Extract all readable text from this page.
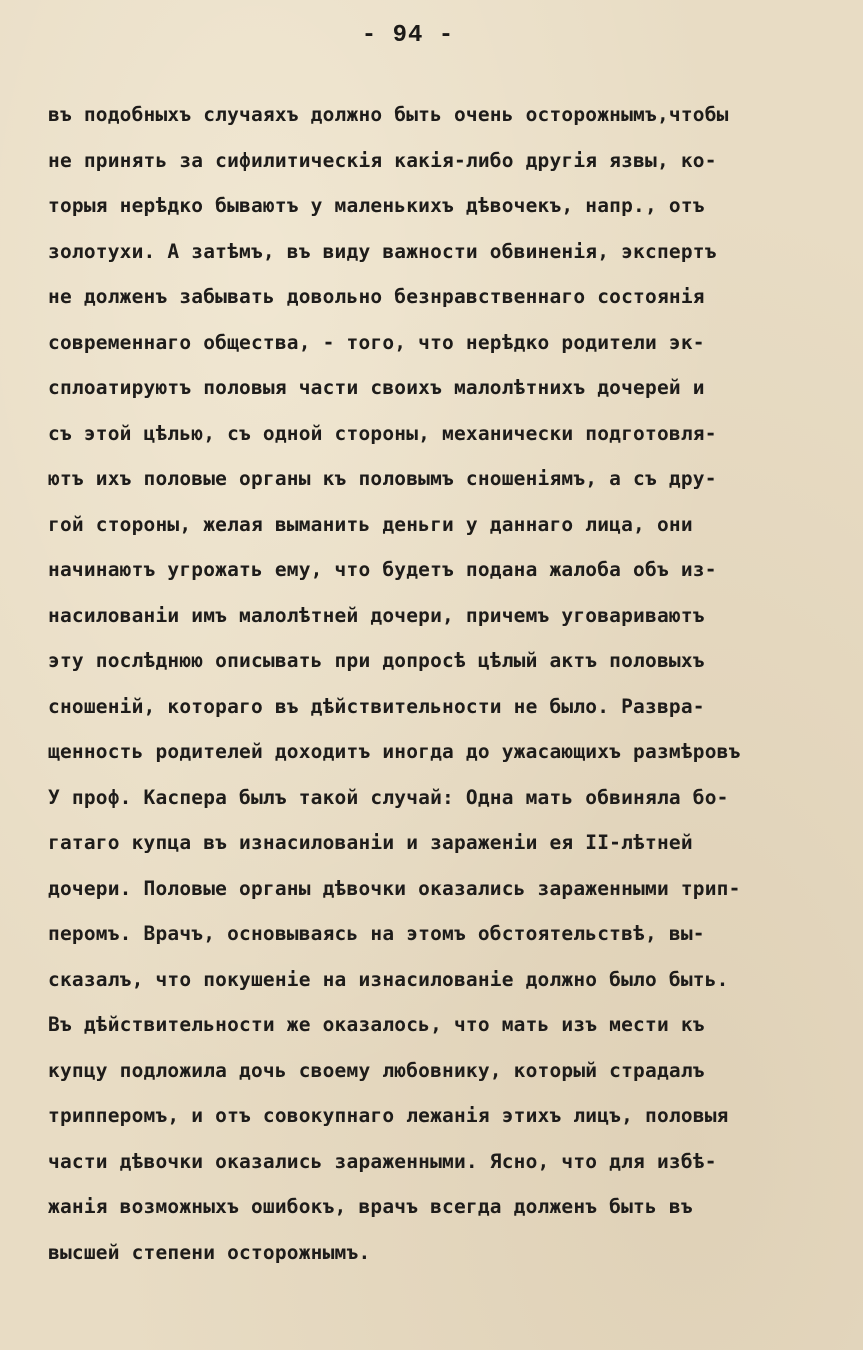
- 94 -
въ подобныхъ случаяхъ должно быть очень осторожнымъ,чтобы
не принять за сифилитическія какія-либо другія язвы, ко-
торыя нерѣдко бываютъ у маленькихъ дѣвочекъ, напр., отъ
золотухи. А затѣмъ, въ виду важности обвиненія, экспертъ
не долженъ забывать довольно безнравственнаго состоянія
современнаго общества, - того, что нерѣдко родители эк-
сплоатируютъ половыя части своихъ малолѣтнихъ дочерей и
съ этой цѣлью, съ одной стороны, механически подготовля-
ютъ ихъ половые органы къ половымъ сношеніямъ, а съ дру-
гой стороны, желая выманить деньги у даннаго лица, они
начинаютъ угрожать ему, что будетъ подана жалоба объ из-
насилованіи имъ малолѣтней дочери, причемъ уговариваютъ
эту послѣднюю описывать при допросѣ цѣлый актъ половыхъ
сношеній, котораго въ дѣйствительности не было. Развра-
щенность родителей доходитъ иногда до ужасающихъ размѣровъ
У проф. Каспера былъ такой случай: Одна мать обвиняла бо-
гатаго купца въ изнасилованіи и зараженіи ея II-лѣтней
дочери. Половые органы дѣвочки оказались зараженными трип-
перомъ. Врачъ, основываясь на этомъ обстоятельствѣ, вы-
сказалъ, что покушеніе на изнасилованіе должно было быть.
Въ дѣйствительности же оказалось, что мать изъ мести къ
купцу подложила дочь своему любовнику, который страдалъ
трипперомъ, и отъ совокупнаго лежанія этихъ лицъ, половыя
части дѣвочки оказались зараженными. Ясно, что для избѣ-
жанія возможныхъ ошибокъ, врачъ всегда долженъ быть въ
высшей степени осторожнымъ.
